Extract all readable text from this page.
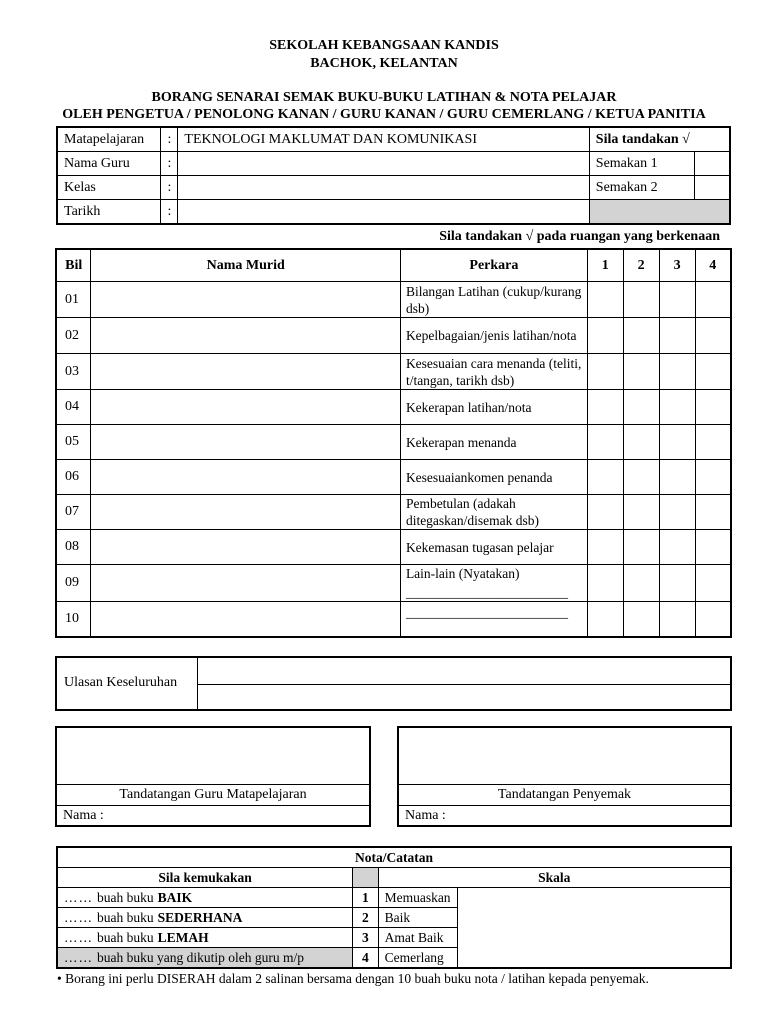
SEKOLAH KEBANGSAAN KANDIS
BACHOK, KELANTAN
BORANG SENARAI SEMAK BUKU-BUKU LATIHAN & NOTA PELAJAR
OLEH PENGETUA / PENOLONG KANAN / GURU KANAN / GURU CEMERLANG / KETUA PANITIA
Matapelajaran	:	TEKNOLOGI MAKLUMAT DAN KOMUNIKASI	Sila tandakan √	
Nama Guru	:		Semakan 1	
Kelas	:		Semakan 2	
Tarikh	:			
Sila tandakan √ pada ruangan yang berkenaan
Bil	Nama Murid	Perkara	1	2	3	4
01		Bilangan Latihan (cukup/kurang dsb)				
02		Kepelbagaian/jenis latihan/nota				
03		Kesesuaian cara menanda (teliti, t/tangan, tarikh dsb)				
04		Kekerapan latihan/nota				
05		Kekerapan menanda				
06		Kesesuaiankomen penanda				
07		Pembetulan (adakah ditegaskan/disemak dsb)				
08		Kekemasan tugasan pelajar				
09		Lain-lain (Nyatakan)
________________________				

10		________________________				

Ulasan Keseluruhan
Tandatangan Guru Matapelajaran
Nama :
Tandatangan Penyemak
Nama :
Nota/Catatan		
Sila kemukakan		Skala
…… buah buku BAIK	1	Memuaskan
…… buah buku SEDERHANA	2	Baik
…… buah buku LEMAH	3	Amat Baik
…… buah buku yang dikutip oleh guru m/p	4	Cemerlang
• Borang ini perlu DISERAH dalam 2 salinan bersama dengan 10 buah buku nota / latihan kepada penyemak.
